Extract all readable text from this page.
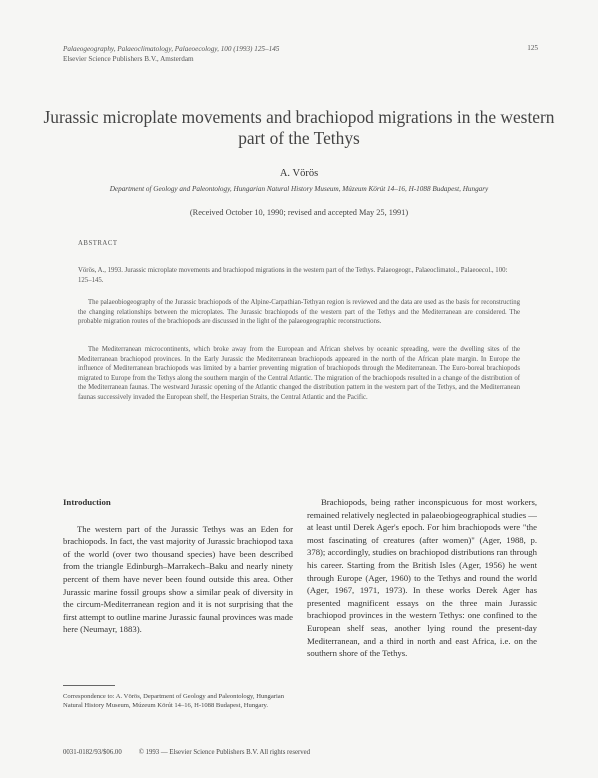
Palaeogeography, Palaeoclimatology, Palaeoecology, 100 (1993) 125–145
Elsevier Science Publishers B.V., Amsterdam
125
Jurassic microplate movements and brachiopod migrations in the western part of the Tethys
A. Vörös
Department of Geology and Paleontology, Hungarian Natural History Museum, Múzeum Körút 14–16, H-1088 Budapest, Hungary
(Received October 10, 1990; revised and accepted May 25, 1991)
ABSTRACT
Vörös, A., 1993. Jurassic microplate movements and brachiopod migrations in the western part of the Tethys. Palaeogeogr., Palaeoclimatol., Palaeoecol., 100: 125–145.
The palaeobiogeography of the Jurassic brachiopods of the Alpine-Carpathian-Tethyan region is reviewed and the data are used as the basis for reconstructing the changing relationships between the microplates. The Jurassic brachiopods of the western part of the Tethys and the Mediterranean are considered. The probable migration routes of the brachiopods are discussed in the light of the palaeogeographic reconstructions.
The Mediterranean microcontinents, which broke away from the European and African shelves by oceanic spreading, were the dwelling sites of the Mediterranean brachiopod provinces. In the Early Jurassic the Mediterranean brachiopods appeared in the north of the African plate margin. In Europe the influence of Mediterranean brachiopods was limited by a barrier preventing migration of brachiopods through the Mediterranean. The Euro-boreal brachiopods migrated to Europe from the Tethys along the southern margin of the Central Atlantic. The migration of the brachiopods resulted in a change of the distribution of the Mediterranean faunas. The westward Jurassic opening of the Atlantic changed the distribution pattern in the western part of the Tethys, and the Mediterranean faunas successively invaded the European shelf, the Hesperian Straits, the Central Atlantic and the Pacific.
Introduction
The western part of the Jurassic Tethys was an Eden for brachiopods. In fact, the vast majority of Jurassic brachiopod taxa of the world (over two thousand species) have been described from the triangle Edinburgh–Marrakech–Baku and nearly ninety percent of them have never been found outside this area. Other Jurassic marine fossil groups show a similar peak of diversity in the circum-Mediterranean region and it is not surprising that the first attempt to outline marine Jurassic faunal provinces was made here (Neumayr, 1883).
Brachiopods, being rather inconspicuous for most workers, remained relatively neglected in palaeobiogeographical studies — at least until Derek Ager's epoch. For him brachiopods were "the most fascinating of creatures (after women)" (Ager, 1988, p. 378); accordingly, studies on brachiopod distributions ran through his career. Starting from the British Isles (Ager, 1956) he went through Europe (Ager, 1960) to the Tethys and round the world (Ager, 1967, 1971, 1973). In these works Derek Ager has presented magnificent essays on the three main Jurassic brachiopod provinces in the western Tethys: one confined to the European shelf seas, another lying round the present-day Mediterranean, and a third in north and east Africa, i.e. on the southern shore of the Tethys.
Correspondence to: A. Vörös, Department of Geology and Paleontology, Hungarian Natural History Museum, Múzeum Körút 14–16, H-1088 Budapest, Hungary.
0031-0182/93/$06.00          © 1993 — Elsevier Science Publishers B.V. All rights reserved
